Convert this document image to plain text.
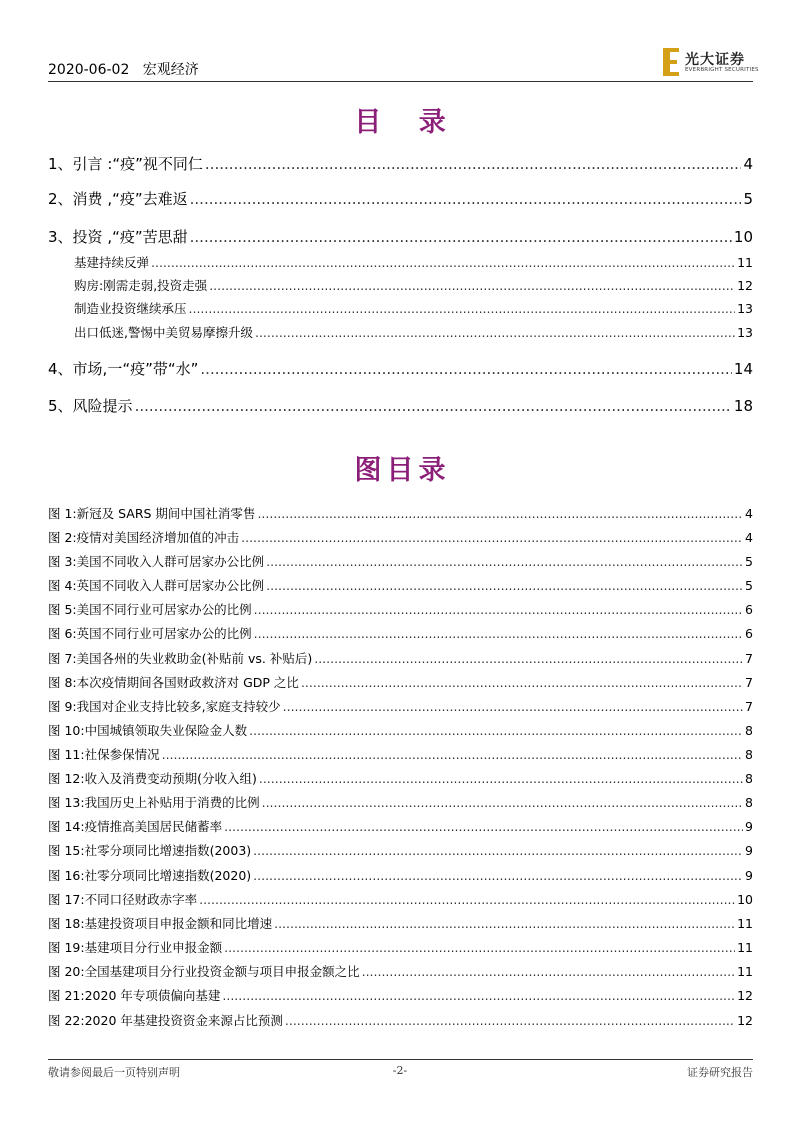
2020-06-02 宏观经济
光大证券
EVERBRIGHT SECURITIES
目 录
1、 引言 :“疫”视不同仁 .....	4
2、 消费 ,“疫”去难返 .....	5
3、 投资 ,“疫”苦思甜 .....	10
基建持续反弹 .....	11
购房:刚需走弱,投资走强 .....	12
制造业投资继续承压 .....	13
出口低迷,警惕中美贸易摩擦升级 .....	13
4、 市场,一“疫”带“水” .....	14
5、 风险提示 .....	18
图目录
图 1:新冠及 SARS 期间中国社消零售 .....	4
图 2:疫情对美国经济增加值的冲击 .....	4
图 3:美国不同收入人群可居家办公比例 .....	5
图 4:英国不同收入人群可居家办公比例 .....	5
图 5:美国不同行业可居家办公的比例 .....	6
图 6:英国不同行业可居家办公的比例 .....	6
图 7:美国各州的失业救助金(补贴前 vs. 补贴后) .....	7
图 8:本次疫情期间各国财政救济对 GDP 之比 .....	7
图 9:我国对企业支持比较多,家庭支持较少 .....	7
图 10:中国城镇领取失业保险金人数 .....	8
图 11:社保参保情况 .....	8
图 12:收入及消费变动预期(分收入组) .....	8
图 13:我国历史上补贴用于消费的比例 .....	8
图 14:疫情推高美国居民储蓄率 .....	9
图 15:社零分项同比增速指数(2003) .....	9
图 16:社零分项同比增速指数(2020) .....	9
图 17:不同口径财政赤字率 .....	10
图 18:基建投资项目申报金额和同比增速 .....	11
图 19:基建项目分行业申报金额 .....	11
图 20:全国基建项目分行业投资金额与项目申报金额之比 .....	11
图 21:2020 年专项债偏向基建 .....	12
图 22:2020 年基建投资资金来源占比预测 .....	12
敬请参阅最后一页特别声明	-2-	证券研究报告
